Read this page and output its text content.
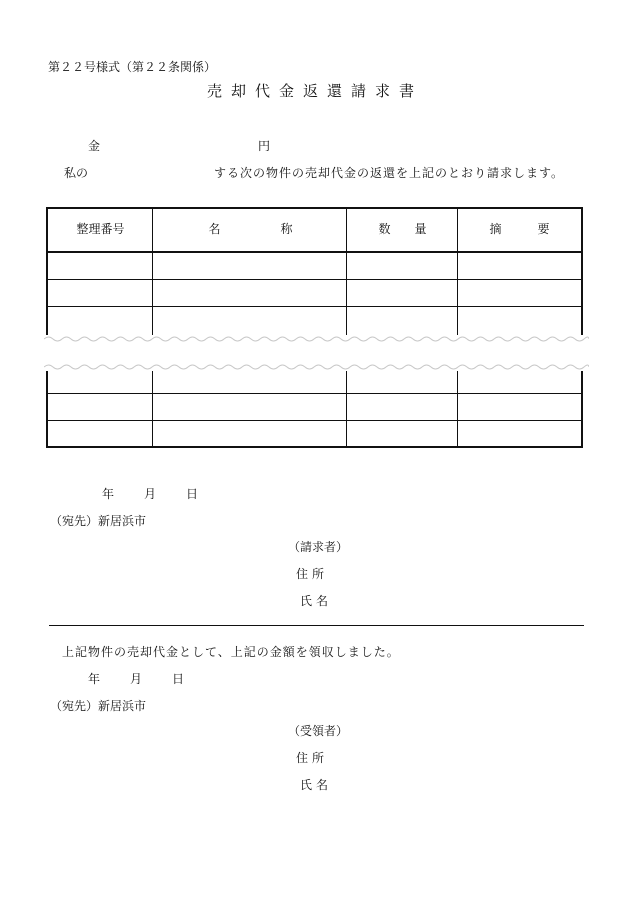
第２２号様式（第２２条関係）
売却代金返還請求書
金	円
私の	する次の物件の売却代金の返還を上記のとおり請求します。
整理番号	名　　　　　称	数　　量	摘　　　要
年 月 日
（宛先）新居浜市
（請求者）
住所
氏名
上記物件の売却代金として、上記の金額を領収しました。
年 月 日
（宛先）新居浜市
（受領者）
住所
氏名
